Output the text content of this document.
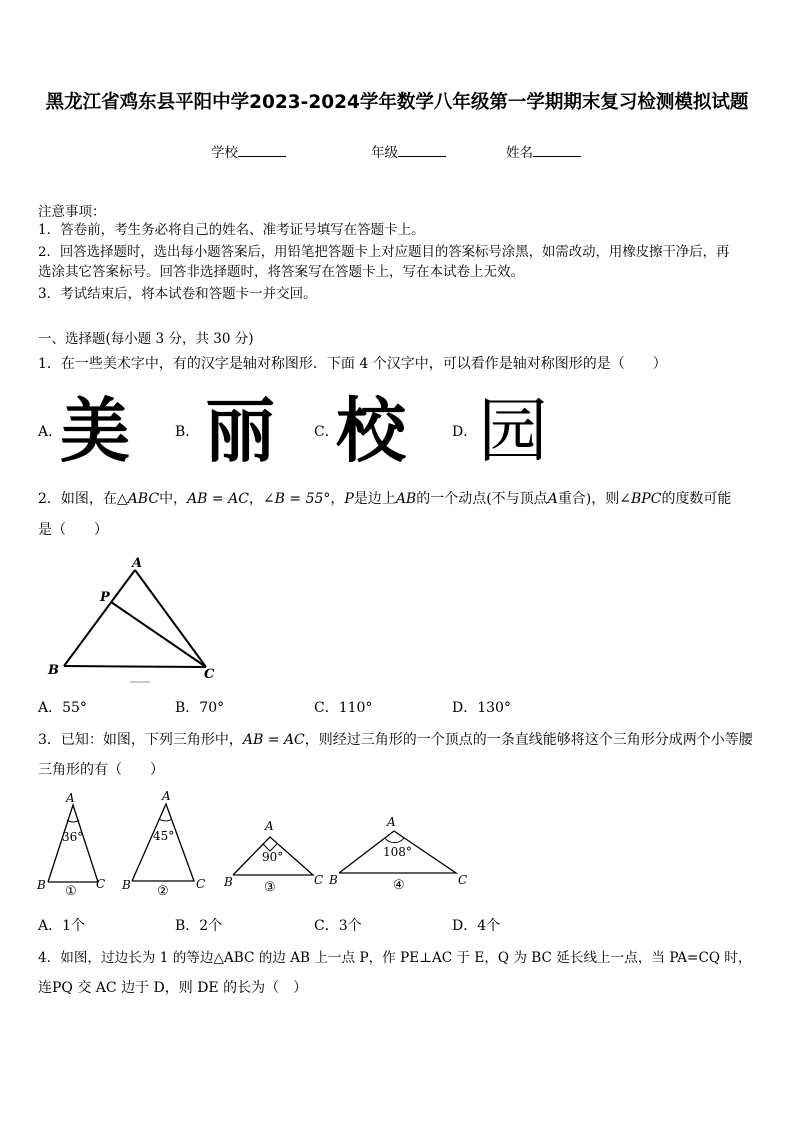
黑龙江省鸡东县平阳中学2023-2024学年数学八年级第一学期期末复习检测模拟试题
学校	年级	姓名
注意事项：
1．答卷前，考生务必将自己的姓名、准考证号填写在答题卡上。
2．回答选择题时，选出每小题答案后，用铅笔把答题卡上对应题目的答案标号涂黑，如需改动，用橡皮擦干净后，再
选涂其它答案标号。回答非选择题时，将答案写在答题卡上，写在本试卷上无效。
3．考试结束后，将本试卷和答题卡一并交回。
一、选择题(每小题 3 分，共 30 分)
1．在一些美术字中，有的汉字是轴对称图形．下面 4 个汉字中，可以看作是轴对称图形的是（　　）
A．
美	B． 丽	C．
校	D． 园
2．如图，在△ABC中，AB = AC，∠B = 55°，P是边上AB的一个动点(不与顶点A重合)，则∠BPC的度数可能
是（　　）
A
P
B	C
A．55°	B．70°	C．110°	D．130°
3．已知：如图，下列三角形中，AB = AC，则经过三角形的一个顶点的一条直线能够将这个三角形分成两个小等腰
三角形的有（　　）
A
36°
B	C
①
A
45°
B	C
②
A
90°
B	C
③
A
108°
B	C
④
A．1个	B．2个	C．3个	D．4个
4．如图，过边长为 1 的等边△ABC 的边 AB 上一点 P，作 PE⊥AC 于 E，Q 为 BC 延长线上一点，当 PA=CQ 时，
连PQ 交 AC 边于 D，则 DE 的长为（　）
